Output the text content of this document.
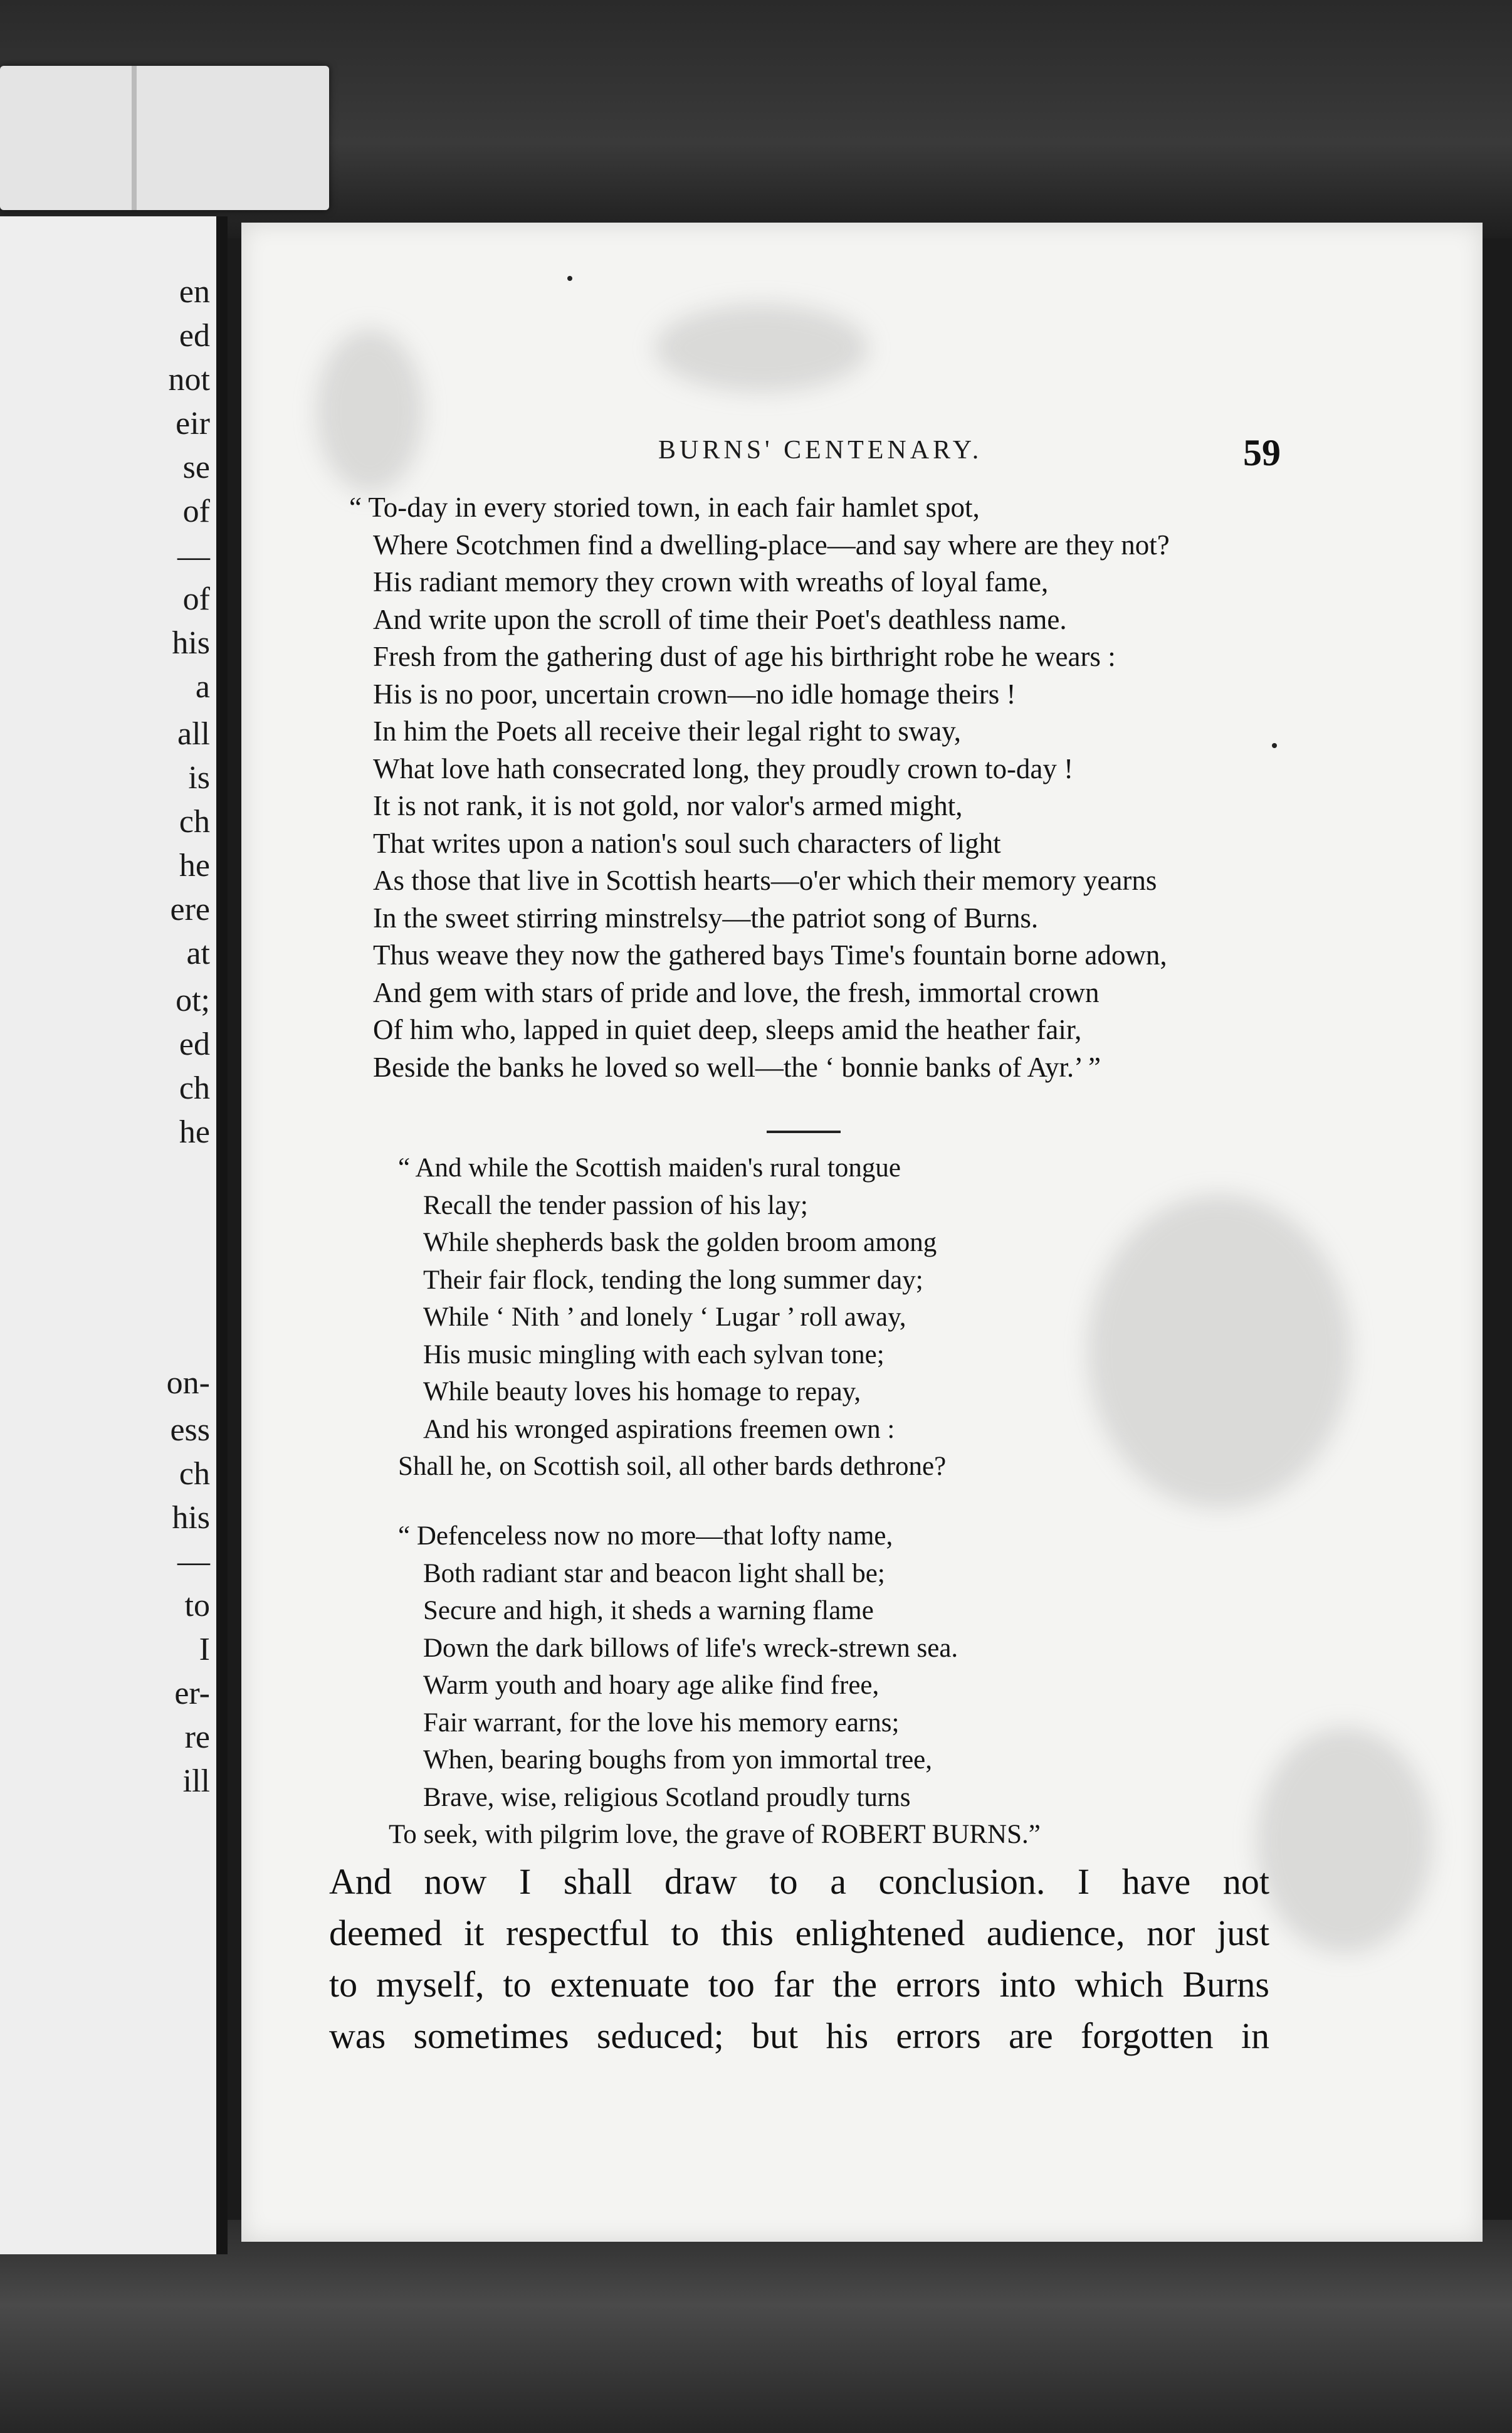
en
ed
not
eir
se
of
—
of
his
a
all
is
ch
he
ere
at
ot;
ed
ch
he
on-
ess
ch
his
—
to
I
er-
re
ill
BURNS' CENTENARY.	59
“ To-day in every storied town, in each fair hamlet spot,
Where Scotchmen find a dwelling-place—and say where are they not?
His radiant memory they crown with wreaths of loyal fame,
And write upon the scroll of time their Poet's deathless name.
Fresh from the gathering dust of age his birthright robe he wears :
His is no poor, uncertain crown—no idle homage theirs !
In him the Poets all receive their legal right to sway,
What love hath consecrated long, they proudly crown to-day !
It is not rank, it is not gold, nor valor's armed might,
That writes upon a nation's soul such characters of light
As those that live in Scottish hearts—o'er which their memory yearns
In the sweet stirring minstrelsy—the patriot song of Burns.
Thus weave they now the gathered bays Time's fountain borne adown,
And gem with stars of pride and love, the fresh, immortal crown
Of him who, lapped in quiet deep, sleeps amid the heather fair,
Beside the banks he loved so well—the ‘ bonnie banks of Ayr.’ ”
“ And while the Scottish maiden's rural tongue
Recall the tender passion of his lay;
While shepherds bask the golden broom among
Their fair flock, tending the long summer day;
While ‘ Nith ’ and lonely ‘ Lugar ’ roll away,
His music mingling with each sylvan tone;
While beauty loves his homage to repay,
And his wronged aspirations freemen own :
Shall he, on Scottish soil, all other bards dethrone?
“ Defenceless now no more—that lofty name,
Both radiant star and beacon light shall be;
Secure and high, it sheds a warning flame
Down the dark billows of life's wreck-strewn sea.
Warm youth and hoary age alike find free,
Fair warrant, for the love his memory earns;
When, bearing boughs from yon immortal tree,
Brave, wise, religious Scotland proudly turns
To seek, with pilgrim love, the grave of ROBERT BURNS.”
And now I shall draw to a conclusion. I have not
deemed it respectful to this enlightened audience, nor just
to myself, to extenuate too far the errors into which Burns
was sometimes seduced; but his errors are forgotten in
